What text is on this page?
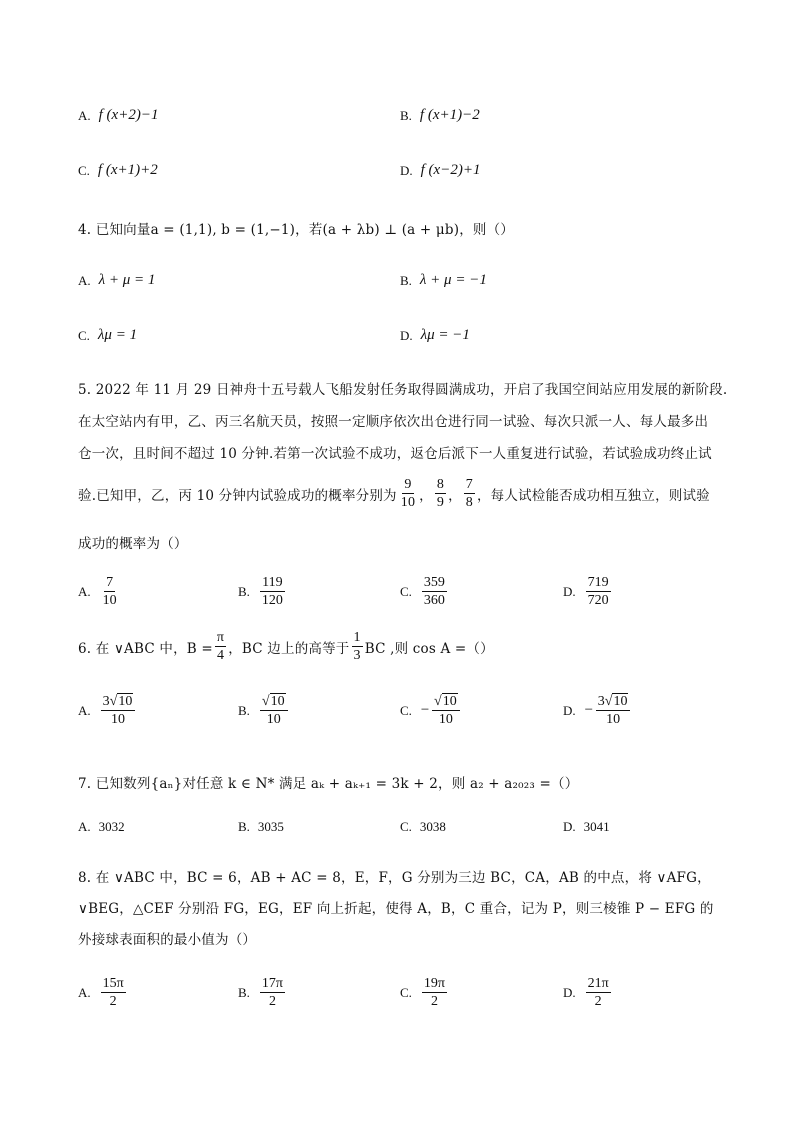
A. f (x+2)−1	B. f (x+1)−2
C. f (x+1)+2	D. f (x−2)+1
4. 已知向量a = (1,1), b = (1,−1)，若(a + λb) ⊥ (a + μb)，则（）
A. λ + μ = 1	B. λ + μ = −1
C. λμ = 1	D. λμ = −1
5. 2022 年 11 月 29 日神舟十五号载人飞船发射任务取得圆满成功，开启了我国空间站应用发展的新阶段.
在太空站内有甲，乙、丙三名航天员，按照一定顺序依次出仓进行同一试验、每次只派一人、每人最多出
仓一次，且时间不超过 10 分钟.若第一次试验不成功，返仓后派下一人重复进行试验，若试验成功终止试
验.已知甲，乙，丙 10 分钟内试验成功的概率分别为 $\frac{9}{10}$ ， $\frac{8}{9}$ ， $\frac{7}{8}$ ，每人试检能否成功相互独立，则试验
成功的概率为（）
A. $\frac{7}{10}$	B. $\frac{119}{120}$	C. $\frac{359}{360}$	D. $\frac{719}{720}$
6. 在 ∨ABC 中，$B = \frac{\pi}{4}$ ，BC 边上的高等于 $\frac{1}{3}$ BC ,则 cos A =（）
A. $\frac{3√10}{10}$	B. $\frac{√10}{10}$	C. − $\frac{√10}{10}$	D. − $\frac{3√10}{10}$
7. 已知数列{aₙ}对任意 k ∈ N* 满足 aₖ + aₖ₊₁ = 3k + 2，则 a₂ + a₂₀₂₃ =（）
A. 3032	B. 3035	C. 3038	D. 3041
8. 在 ∨ABC 中，BC = 6，AB + AC = 8，E，F，G 分别为三边 BC，CA，AB 的中点，将 ∨AFG，
∨BEG，△CEF 分别沿 FG，EG，EF 向上折起，使得 A，B，C 重合，记为 P，则三棱锥 P − EFG 的
外接球表面积的最小值为（）
A. $\frac{15\pi}{2}$	B. $\frac{17\pi}{2}$	C. $\frac{19\pi}{2}$	D. $\frac{21\pi}{2}$
